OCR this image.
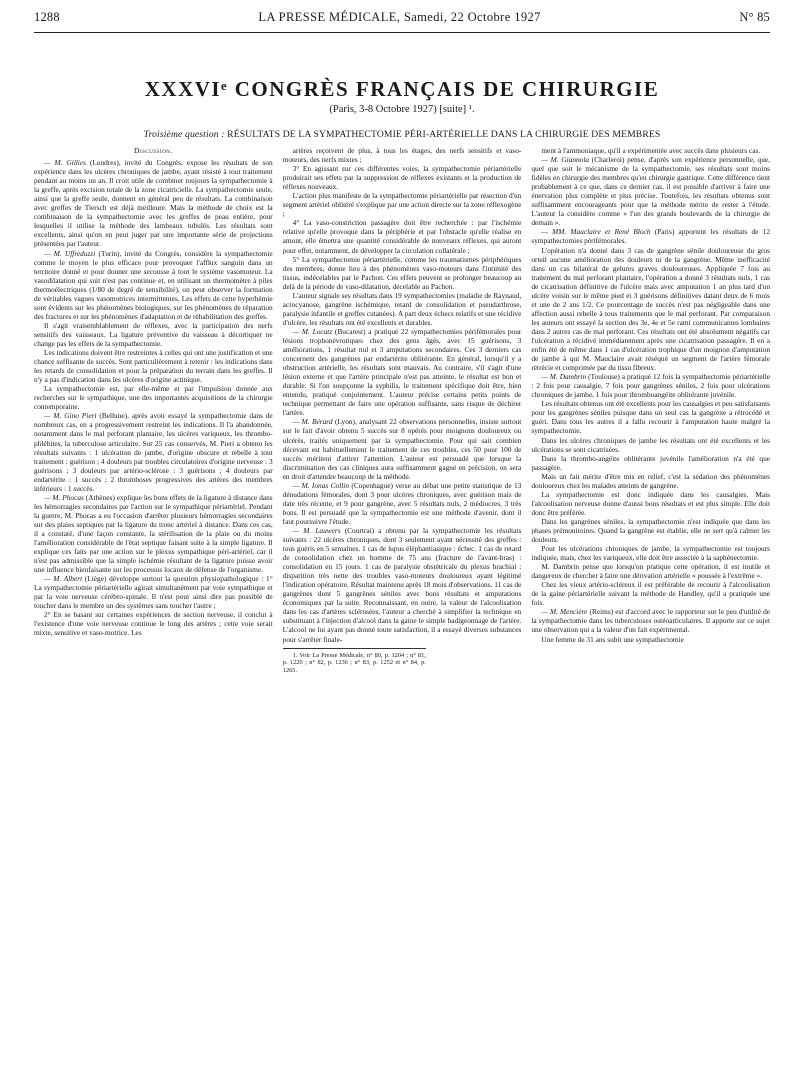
1288	LA PRESSE MÉDICALE, Samedi, 22 Octobre 1927	N° 85
XXXVIᵉ CONGRÈS FRANÇAIS DE CHIRURGIE
(Paris, 3-8 Octobre 1927) [suite] ¹.
Troisième question : RÉSULTATS DE LA SYMPATHECTOMIE PÉRI-ARTÉRIELLE DANS LA CHIRURGIE DES MEMBRES

Discussion.

— M. Gillies (Londres), invité du Congrès, expose les résultats de son expérience dans les ulcères chroniques de jambe, ayant résisté à tout traitement pendant au moins un an. Il croit utile de combiner toujours la sympathectomie à la greffe, après excision totale de la zone cicatricielle. La sympathectomie seule, ainsi que la greffe seule, donnent en général peu de résultats. La combinaison avec greffes de Tiersch est déjà meilleure. Mais la méthode de choix est la combinaison de la sympathectomie avec les greffes de peau entière, pour lesquelles il utilise la méthode des lambeaux tubulés. Les résultats sont excellents, ainsi qu'on en peut juger par une importante série de projections présentées par l'auteur.

— M. Uffreduzzi (Turin), invité du Congrès, considère la sympathectomie comme le moyen le plus efficace pour provoquer l'afflux sanguin dans un territoire donné et pour donner une secousse à tout le système vasomoteur. La vasodilatation qui suit n'est pas continue et, en utilisant un thermomètre à piles thermoélectriques (1/80 de degré de sensibilité), on peut observer la formation de véritables vagues vasomotrices intermittentes. Les effets de cette hyperhémie sont évidents sur les phénomènes biologiques, sur les phénomènes de réparation des fractures et sur les phénomènes d'adaptation et de réhabilitation des greffes.

Il s'agit vraisemblablement de réflexes, avec la participation des nerfs sensitifs des vaisseaux. La ligature préventive du vaisseau à décortiquer ne change pas les effets de la sympathectomie.

Les indications doivent être restreintes à celles qui ont une justification et une chance suffisante de succès. Sont particulièrement à retenir : les indications dans les retards de consolidation et pour la préparation du terrain dans les greffes. Il n'y a pas d'indication dans les ulcères d'origine actinique.

La sympathectomie est, par elle-même et par l'impulsion donnée aux recherches sur le sympathique, une des importantes acquisitions de la chirurgie contemporaine.

— M. Gino Pieri (Bellune), après avoir essayé la sympathectomie dans de nombreux cas, en a progressivement restreint les indications. Il l'a abandonnée, notamment dans le mal perforant plantaire, les ulcères variqueux, les thrombo-phlébites, la tuberculose articulaire. Sur 25 cas conservés, M. Pieri a obtenu les résultats suivants : 1 ulcération de jambe, d'origine obscure et rebelle à tout traitement : guérison ; 4 douleurs par troubles circulatoires d'origine nerveuse : 3 guérisons ; 3 douleurs par artério-sclérose : 3 guérisons ; 4 douleurs par endartérite : 1 succès ; 2 thromboses progressives des artères des membres inférieurs : 1 succès.

— M. Phocas (Athènes) explique les bons effets de la ligature à distance dans les hémorragies secondaires par l'action sur le sympathique périartériel. Pendant la guerre, M. Phocas a eu l'occasion d'arrêter plusieurs hémorragies secondaires sur des plaies septiques par la ligature du tronc artériel à distance. Dans ces cas, il a constaté, d'une façon constante, la stérilisation de la plaie ou du moins l'amélioration considérable de l'état septique faisant suite à la simple ligature. Il explique ces faits par une action sur le plexus sympathique péri-artériel, car il n'est pas admissible que la simple ischémie résultant de la ligature puisse avoir une influence bienfaisante sur les processus locaux de défense de l'organisme.

— M. Albert (Liège) développe surtout la question physiopathologique : 1° La sympathectomie périartérielle agirait simultanément par voie sympathique et par la voie nerveuse cérébro-spinale. Il n'est pour ainsi dire pas possible de toucher dans le membre un des systèmes sans toucher l'autre ;

2° En se basant sur certaines expériences de section nerveuse, il conclut à l'existence d'une voie nerveuse continue le long des artères ; cette voie serait mixte, sensitive et vaso-motrice. Les

artères reçoivent de plus, à tous les étages, des nerfs sensitifs et vaso-moteurs, des nerfs mixtes ;

3° En agissant sur ces différentes voies, la sympathectomie périartérielle produirait ses effets par la suppression de réflexes existants et la production de réflexes nouveaux.

L'action plus manifeste de la sympathectomie périartérielle par résection d'un segment artériel oblitéré s'explique par une action directe sur la zone réflexogène ;

4° La vaso-constriction passagère doit être recherchée : par l'ischémie relative qu'elle provoque dans la périphérie et par l'obstacle qu'elle réalise en amont, elle émettra une quantité considérable de nouveaux réflexes, qui auront pour effet, notamment, de développer la circulation collatérale ;

5° La sympathectomie périartérielle, comme les traumatismes périphériques des membres, donne lieu à des phénomènes vaso-moteurs dans l'intimité des tissus, indécelables par le Pachon. Ces effets peuvent se prolonger beaucoup au delà de la période de vaso-dilatation, décelable au Pachon.

L'auteur signale ses résultats dans 19 sympathectomies (maladie de Raynaud, acrocyanose, gangrène ischémique, retard de consolidation et pseudarthrose, paralysie infantile et greffes cutanées). A part deux échecs relatifs et une récidive d'ulcère, les résultats ont été excellents et durables.

— M. Locatz (Bucarest) a pratiqué 22 sympathectomies périfémorales pour lésions trophonévrotiques chez des gens âgés, avec 15 guérisons, 3 améliorations, 1 résultat nul et 3 amputations secondaires. Ces 3 derniers cas concernent des gangrènes par endartérite oblitérante. En général, lorsqu'il y a obstruction artérielle, les résultats sont mauvais. Au contraire, s'il s'agit d'une lésion externe et que l'artère principale n'est pas atteinte, le résultat est bon et durable. Si l'on soupçonne la syphilis, le traitement spécifique doit être, bien entendu, pratiqué conjointement. L'auteur précise certains petits points de technique permettant de faire une opération suffisante, sans risque de déchirer l'artère.

— M. Bérard (Lyon), analysant 22 observations personnelles, insiste surtout sur le fait d'avoir obtenu 5 succès sur 8 opérés pour moignons douloureux ou ulcérés, traités uniquement par la sympathectomie. Pour qui sait combien décevant est habituellement le traitement de ces troubles, ces 50 pour 100 de succès méritent d'attirer l'attention. L'auteur est persuadé que lorsque la discrimination des cas cliniques aura suffisamment gagné en précision, on sera en droit d'attendre beaucoup de la méthode.

— M. Ionas Collin (Copenhague) verse au débat une petite statistique de 13 dénudations fémorales, dont 3 pour ulcères chroniques, avec guérison mais de date très récente, et 9 pour gangrène, avec 5 résultats nuls, 2 médiocres, 3 très bons. Il est persuadé que la sympathectomie est une méthode d'avenir, dont il faut poursuivre l'étude.

— M. Lauwers (Courtrai) a obtenu par la sympathectomie les résultats suivants : 22 ulcères chroniques, dont 3 seulement ayant nécessité des greffes : tous guéris en 5 semaines. 1 cas de lupus éléphantiasique : échec. 1 cas de retard de consolidation chez un homme de 75 ans (fracture de l'avant-bras) : consolidation en 15 jours. 1 cas de paralysie obstétricale du plexus brachial : disparition très nette des troubles vaso-moteurs douloureux ayant légitimé l'indication opératoire. Résultat maintenu après 18 mois d'observations. 11 cas de gangrènes dont 5 gangrènes séniles avec bons résultats et amputations économiques par la suite. Reconnaissant, en outre, la valeur de l'alcoolisation dans les cas d'artères sclérosées, l'auteur a cherché à simplifier la technique en substituant à l'injection d'alcool dans la gaine le simple badigeonnage de l'artère. L'alcool ne lui ayant pas donné toute satisfaction, il a essayé diverses substances pour s'arrêter finale-

1. Voir La Presse Médicale, n° 80, p. 1204 ; n° 81, p. 1220 ; n° 82, p. 1236 ; n° 83, p. 1252 et n° 84, p. 1265.

ment à l'ammoniaque, qu'il a expérimentée avec succès dans plusieurs cas.

— M. Giannola (Charleroi) pense, d'après son expérience personnelle, que, quel que soit le mécanisme de la sympathectomie, ses résultats sont moins fidèles en chirurgie des membres qu'en chirurgie gastrique. Cette différence tient probablement à ce que, dans ce dernier cas, il est possible d'arriver à faire une énervation plus complète et plus précise. Toutefois, les résultats obtenus sont suffisamment encourageants pour que la méthode mérite de rester à l'étude. L'auteur la considère comme « l'un des grands boulevards de la chirurgie de demain ».

— MM. Mauclaire et René Bloch (Paris) apportent les résultats de 12 sympathectomies périfémorales.

L'opération n'a donné dans 3 cas de gangrène sénile douloureuse du gros orteil aucune amélioration des douleurs ni de la gangrène. Même inefficacité dans un cas bilatéral de gelures graves douloureuses. Appliquée 7 fois au traitement du mal perforant plantaire, l'opération a donné 3 résultats nuls, 1 cas de cicatrisation définitive de l'ulcère mais avec amputation 1 an plus tard d'un ulcère voisin sur le même pied et 3 guérisons définitives datant deux de 6 mois et une de 2 ans 1/2. Ce pourcentage de succès n'est pas négligeable dans une affection aussi rebelle à tous traitements que le mal perforant. Par comparaison les auteurs ont essayé la section des 3e, 4e et 5e rami communicantes lombaires dans 2 autres cas de mal perforant. Ces résultats ont été absolument négatifs car l'ulcération a récidivé immédiatement après une cicatrisation passagère. Il en a enfin été de même dans 1 cas d'ulcération trophique d'un moignon d'amputation de jambe à qui M. Mauclaire avait réséqué un segment de l'artère fémorale rétrécie et comprimée par du tissu fibreux.

— M. Dambrin (Toulouse) a pratiqué 12 fois la sympathectomie périartérielle : 2 fois pour causalgie, 7 fois pour gangrènes séniles, 2 fois pour ulcérations chroniques de jambe, 1 fois pour thromboangéite oblitérante juvénile.

Les résultats obtenus ont été excellents pour les causalgies et peu satisfaisants pour les gangrènes séniles puisque dans un seul cas la gangrène a rétrocédé et guéri. Dans tous les autres il a fallu recourir à l'amputation haute malgré la sympathectomie.

Dans les ulcères chroniques de jambe les résultats ont été excellents et les ulcérations se sont cicatrisées.

Dans la thrombo-angéite oblitérante juvénile l'amélioration n'a été que passagère.

Mais un fait mérite d'être mis en relief, c'est la sédation des phénomènes douloureux chez les malades atteints de gangrène.

La sympathectomie est donc indiquée dans les causalgies. Mais l'alcoolisation nerveuse donne d'aussi bons résultats et est plus simple. Elle doit donc être préférée.

Dans les gangrènes séniles, la sympathectomie n'est indiquée que dans les phases prémonitoires. Quand la gangrène est établie, elle ne sert qu'à calmer les douleurs.

Pour les ulcérations chroniques de jambe, la sympathectomie est toujours indiquée, mais, chez les variqueux, elle doit être associée à la saphénectomie.

M. Dambrin pense que lorsqu'on pratique cette opération, il est inutile et dangereux de chercher à faire une dérivation artérielle « poussée à l'extrême ».

Chez les vieux artério-scléreux il est préférable de recourir à l'alcoolisation de la gaine périartérielle suivant la méthode de Handley, qu'il a pratiquée une fois.

— M. Mencière (Reims) est d'accord avec le rapporteur sur le peu d'utilité de la sympathectomie dans les tuberculoses ostéoarticulaires. Il apporte sur ce sujet une observation qui a la valeur d'un fait expérimental.

Une femme de 31 ans subit une sympathectomie
